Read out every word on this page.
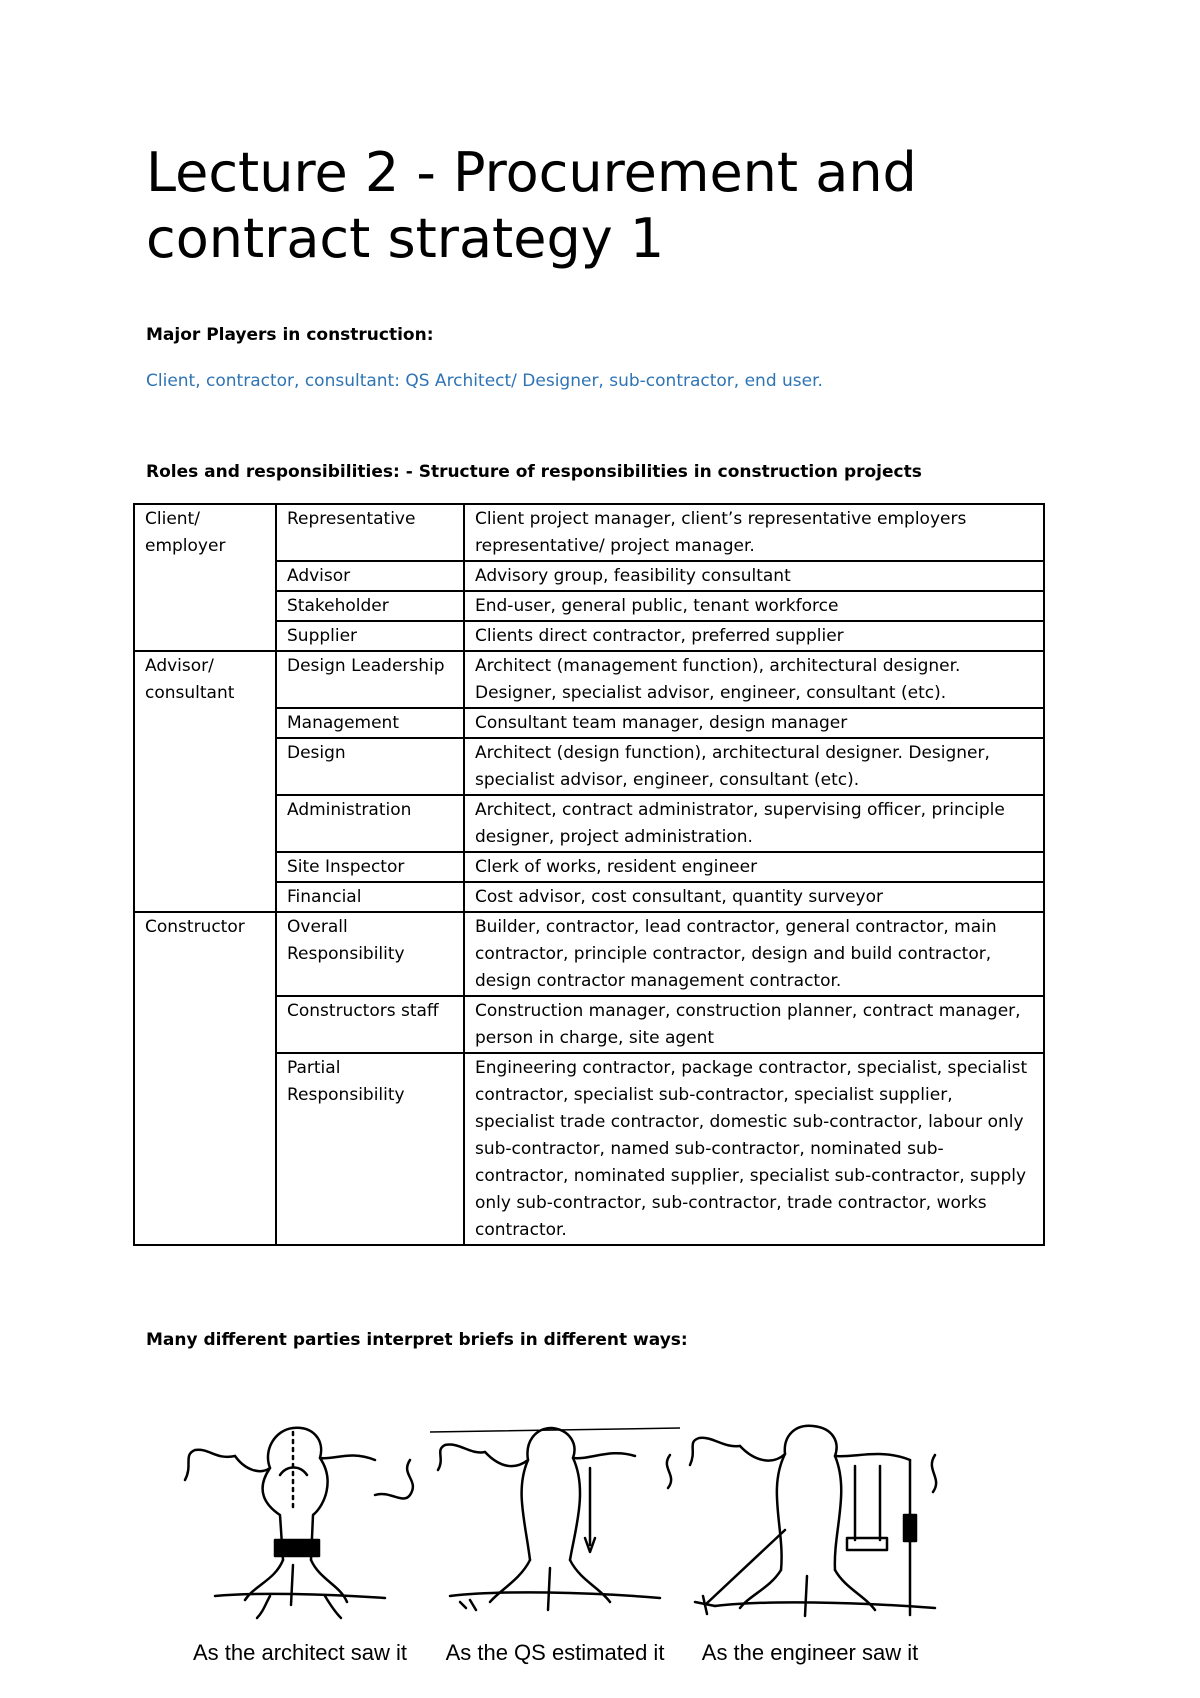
Lecture 2 - Procurement and contract strategy 1

Major Players in construction:

Client, contractor, consultant: QS Architect/ Designer, sub-contractor, end user.

Roles and responsibilities: - Structure of responsibilities in construction projects

Client/ employer	Representative	Client project manager, client’s representative employers representative/ project manager.
	Advisor	Advisory group, feasibility consultant
	Stakeholder	End-user, general public, tenant workforce
	Supplier	Clients direct contractor, preferred supplier
Advisor/ consultant	Design Leadership	Architect (management function), architectural designer. Designer, specialist advisor, engineer, consultant (etc).
	Management	Consultant team manager, design manager
	Design	Architect (design function), architectural designer. Designer, specialist advisor, engineer, consultant (etc).
	Administration	Architect, contract administrator, supervising officer, principle designer, project administration.
	Site Inspector	Clerk of works, resident engineer
	Financial	Cost advisor, cost consultant, quantity surveyor
Constructor	Overall Responsibility	Builder, contractor, lead contractor, general contractor, main contractor, principle contractor, design and build contractor, design contractor management contractor.
	Constructors staff	Construction manager, construction planner, contract manager, person in charge, site agent
	Partial Responsibility	Engineering contractor, package contractor, specialist, specialist contractor, specialist sub-contractor, specialist supplier, specialist trade contractor, domestic sub-contractor, labour only sub-contractor, named sub-contractor, nominated sub-contractor, nominated supplier, specialist sub-contractor, supply only sub-contractor, sub-contractor, trade contractor, works contractor.

Many different parties interpret briefs in different ways:

As the architect saw it	As the QS estimated it	As the engineer saw it
